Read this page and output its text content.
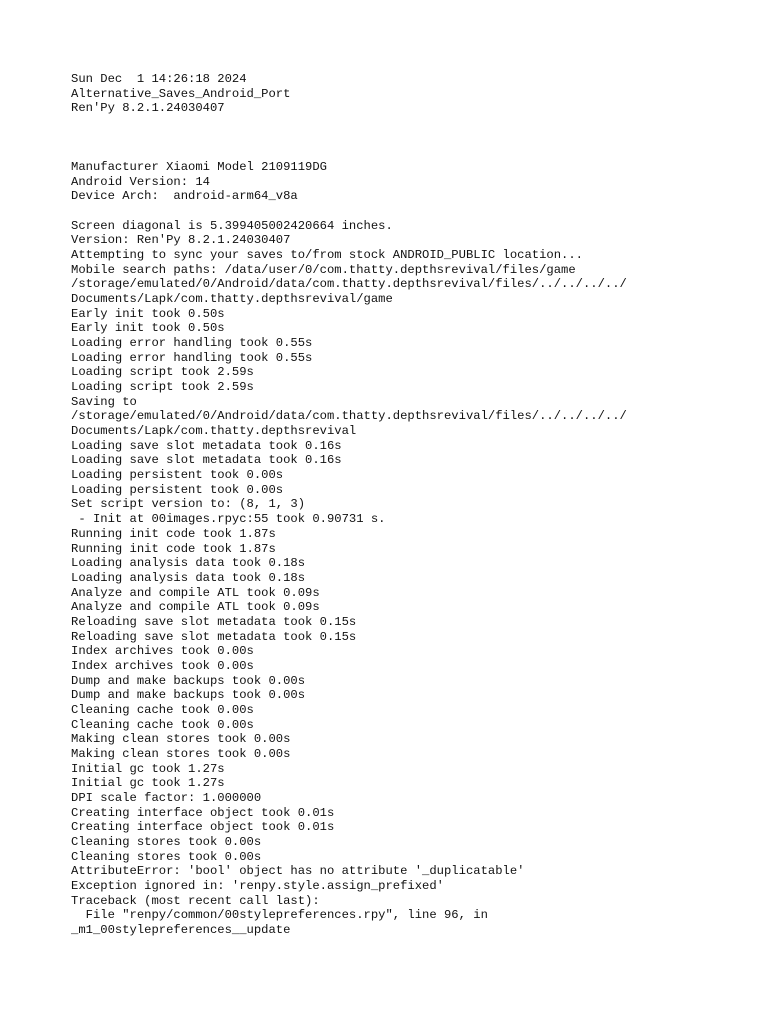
Sun Dec  1 14:26:18 2024
Alternative_Saves_Android_Port
Ren'Py 8.2.1.24030407
Manufacturer Xiaomi Model 2109119DG
Android Version: 14
Device Arch:  android-arm64_v8a
Screen diagonal is 5.399405002420664 inches.
Version: Ren'Py 8.2.1.24030407
Attempting to sync your saves to/from stock ANDROID_PUBLIC location...
Mobile search paths: /data/user/0/com.thatty.depthsrevival/files/game
/storage/emulated/0/Android/data/com.thatty.depthsrevival/files/../../../../
Documents/Lapk/com.thatty.depthsrevival/game
Early init took 0.50s
Early init took 0.50s
Loading error handling took 0.55s
Loading error handling took 0.55s
Loading script took 2.59s
Loading script took 2.59s
Saving to
/storage/emulated/0/Android/data/com.thatty.depthsrevival/files/../../../../
Documents/Lapk/com.thatty.depthsrevival
Loading save slot metadata took 0.16s
Loading save slot metadata took 0.16s
Loading persistent took 0.00s
Loading persistent took 0.00s
Set script version to: (8, 1, 3)
- Init at 00images.rpyc:55 took 0.90731 s.
Running init code took 1.87s
Running init code took 1.87s
Loading analysis data took 0.18s
Loading analysis data took 0.18s
Analyze and compile ATL took 0.09s
Analyze and compile ATL took 0.09s
Reloading save slot metadata took 0.15s
Reloading save slot metadata took 0.15s
Index archives took 0.00s
Index archives took 0.00s
Dump and make backups took 0.00s
Dump and make backups took 0.00s
Cleaning cache took 0.00s
Cleaning cache took 0.00s
Making clean stores took 0.00s
Making clean stores took 0.00s
Initial gc took 1.27s
Initial gc took 1.27s
DPI scale factor: 1.000000
Creating interface object took 0.01s
Creating interface object took 0.01s
Cleaning stores took 0.00s
Cleaning stores took 0.00s
AttributeError: 'bool' object has no attribute '_duplicatable'
Exception ignored in: 'renpy.style.assign_prefixed'
Traceback (most recent call last):
File "renpy/common/00stylepreferences.rpy", line 96, in
_m1_00stylepreferences__update
